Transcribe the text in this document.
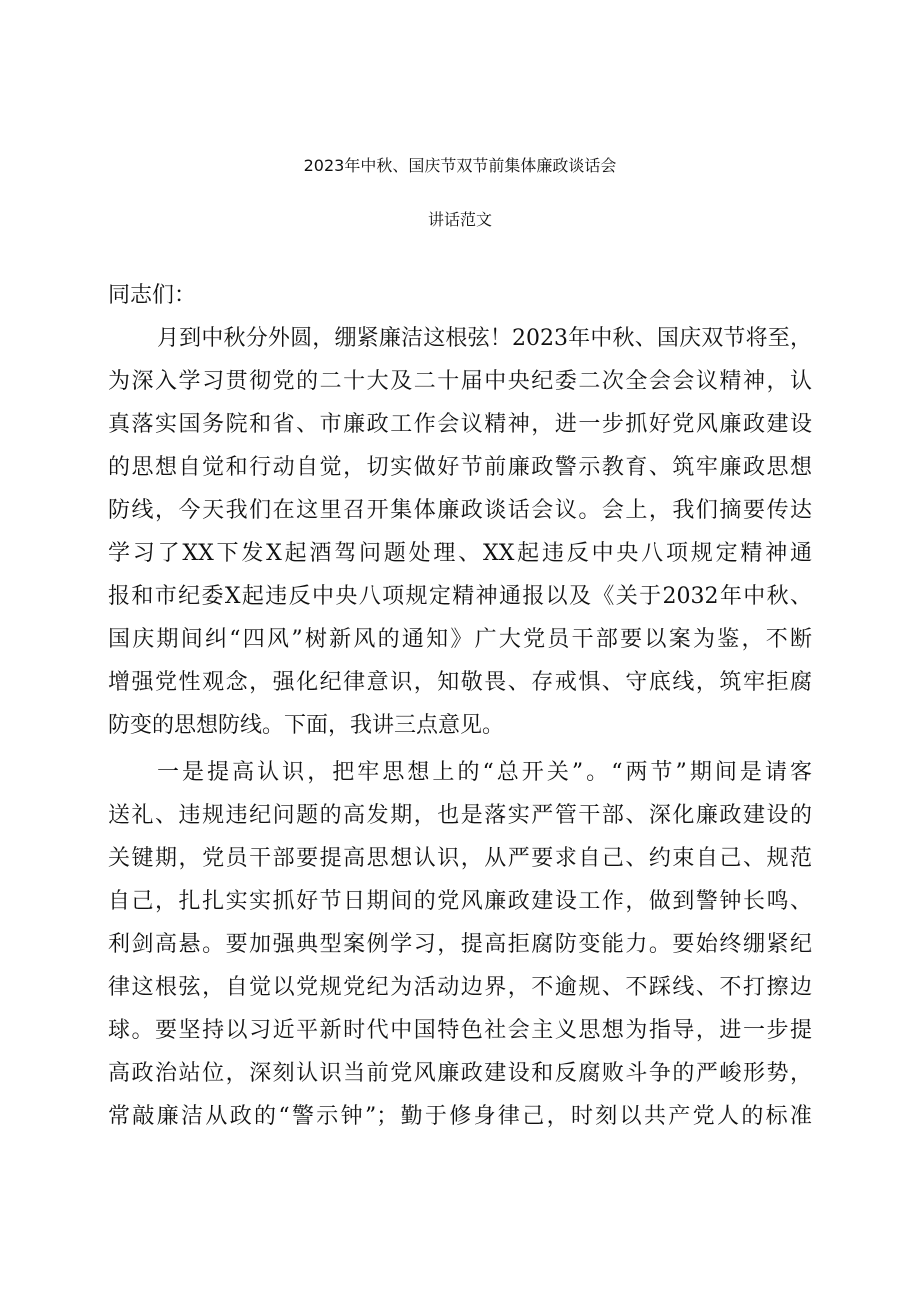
2023年中秋、国庆节双节前集体廉政谈话会
讲话范文
同志们：
月到中秋分外圆，绷紧廉洁这根弦！2023年中秋、国庆双节将至，
为深入学习贯彻党的二十大及二十届中央纪委二次全会会议精神，认
真落实国务院和省、市廉政工作会议精神，进一步抓好党风廉政建设
的思想自觉和行动自觉，切实做好节前廉政警示教育、筑牢廉政思想
防线，今天我们在这里召开集体廉政谈话会议。会上，我们摘要传达
学习了XX下发X起酒驾问题处理、XX起违反中央八项规定精神通
报和市纪委X起违反中央八项规定精神通报以及《关于2032年中秋、
国庆期间纠“四风”树新风的通知》广大党员干部要以案为鉴，不断
增强党性观念，强化纪律意识，知敬畏、存戒惧、守底线，筑牢拒腐
防变的思想防线。下面，我讲三点意见。
一是提高认识，把牢思想上的“总开关”。“两节”期间是请客
送礼、违规违纪问题的高发期，也是落实严管干部、深化廉政建设的
关键期，党员干部要提高思想认识，从严要求自己、约束自己、规范
自己，扎扎实实抓好节日期间的党风廉政建设工作，做到警钟长鸣、
利剑高悬。要加强典型案例学习，提高拒腐防变能力。要始终绷紧纪
律这根弦，自觉以党规党纪为活动边界，不逾规、不踩线、不打擦边
球。要坚持以习近平新时代中国特色社会主义思想为指导，进一步提
高政治站位，深刻认识当前党风廉政建设和反腐败斗争的严峻形势，
常敲廉洁从政的“警示钟”；勤于修身律己，时刻以共产党人的标准
